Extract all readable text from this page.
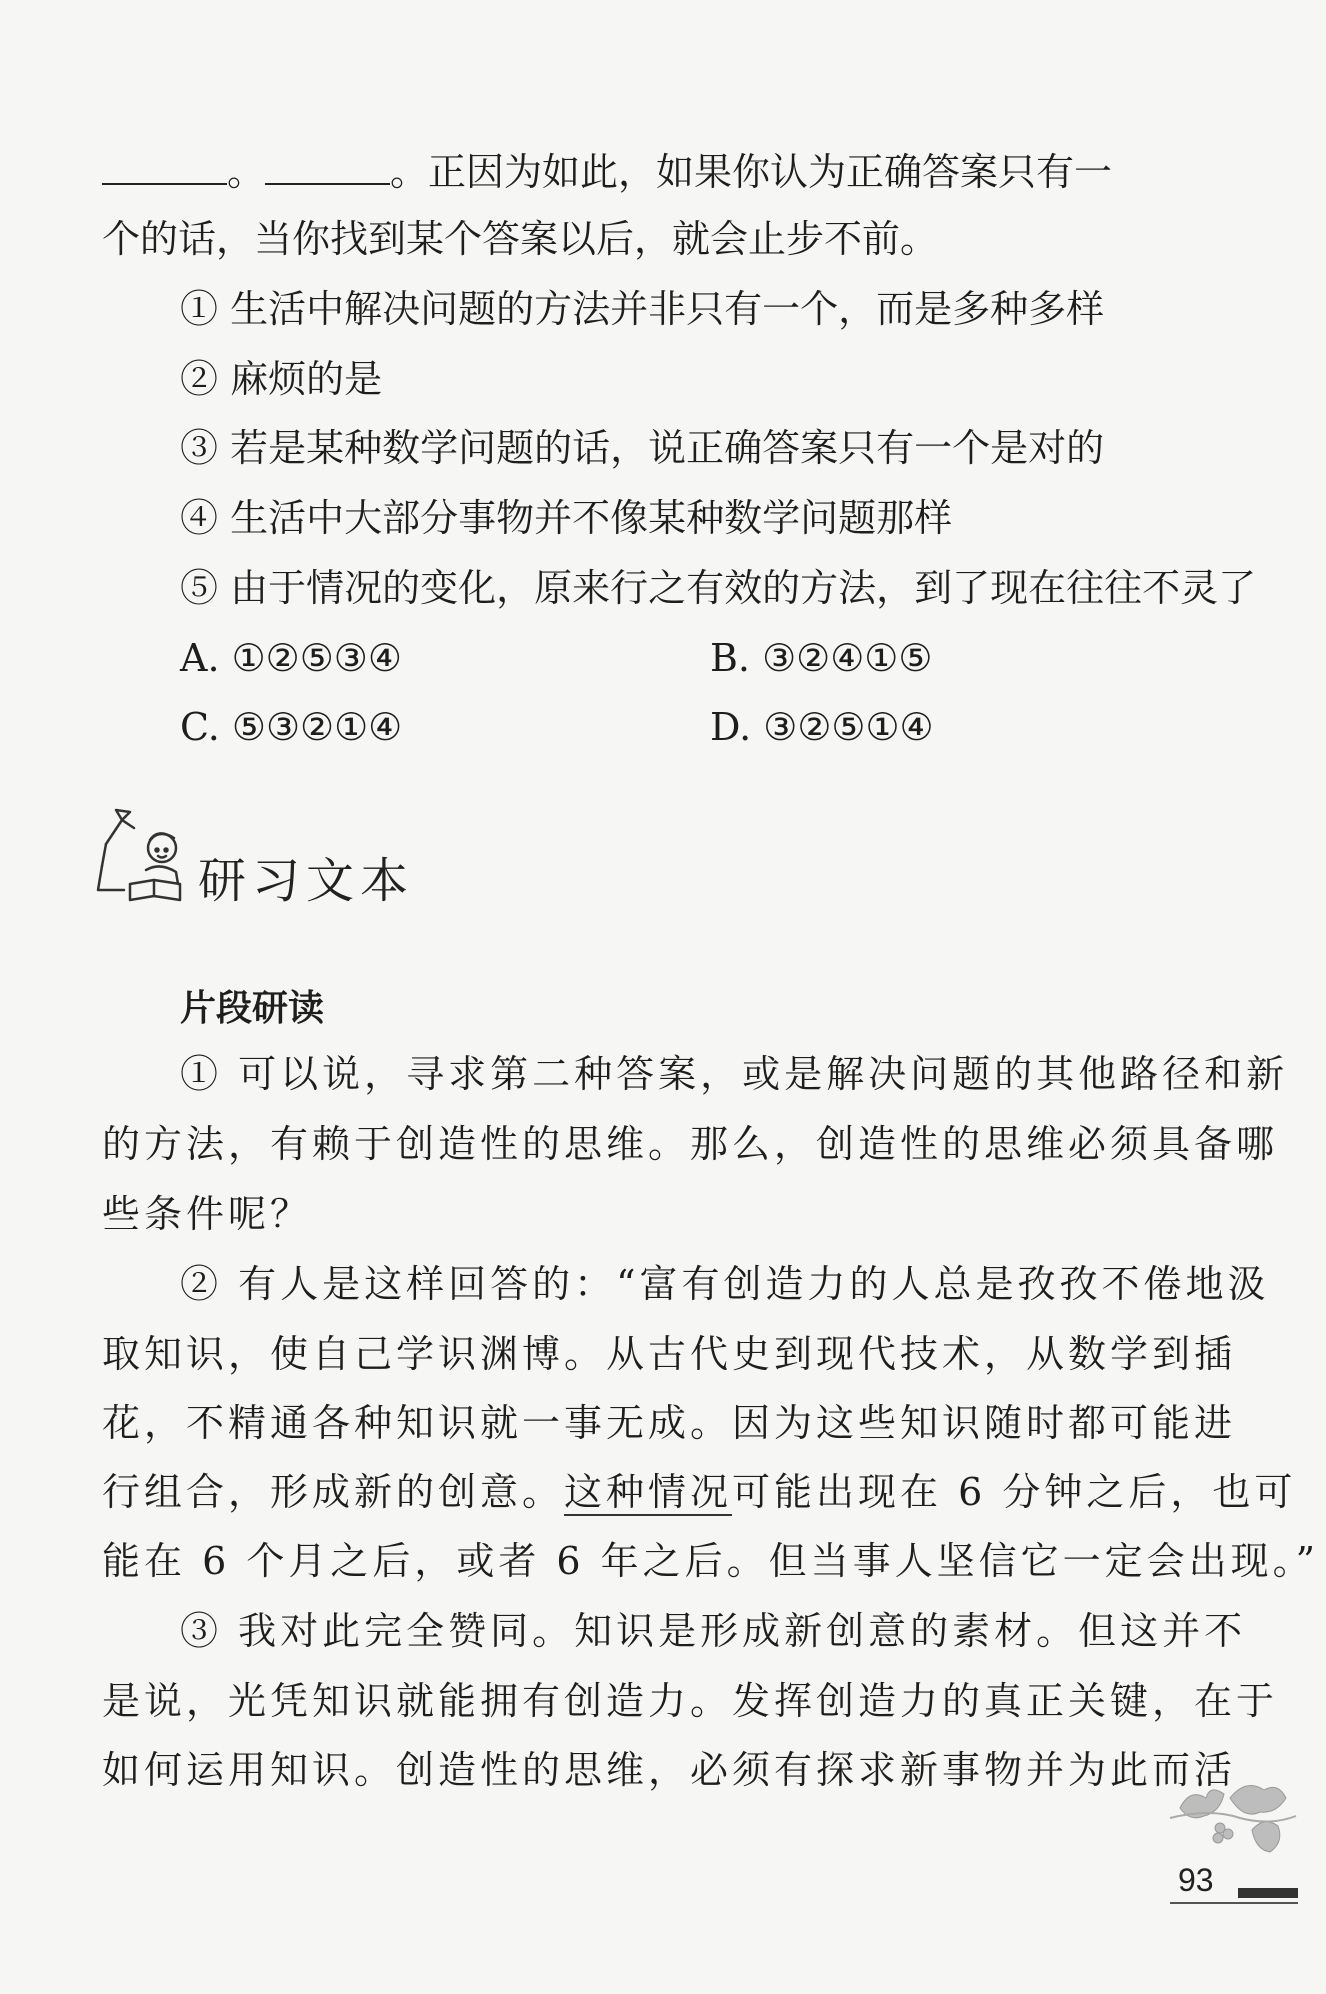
。	。正因为如此，如果你认为正确答案只有一
个的话，当你找到某个答案以后，就会止步不前。
① 生活中解决问题的方法并非只有一个，而是多种多样
② 麻烦的是
③ 若是某种数学问题的话，说正确答案只有一个是对的
④ 生活中大部分事物并不像某种数学问题那样
⑤ 由于情况的变化，原来行之有效的方法，到了现在往往不灵了
A. ①②⑤③④	B. ③②④①⑤
C. ⑤③②①④	D. ③②⑤①④
研习文本
片段研读
① 可以说，寻求第二种答案，或是解决问题的其他路径和新
的方法，有赖于创造性的思维。那么，创造性的思维必须具备哪
些条件呢？
② 有人是这样回答的：“富有创造力的人总是孜孜不倦地汲
取知识，使自己学识渊博。从古代史到现代技术，从数学到插
花，不精通各种知识就一事无成。因为这些知识随时都可能进
行组合，形成新的创意。这种情况可能出现在 6 分钟之后，也可
能在 6 个月之后，或者 6 年之后。但当事人坚信它一定会出现。”
③ 我对此完全赞同。知识是形成新创意的素材。但这并不
是说，光凭知识就能拥有创造力。发挥创造力的真正关键，在于
如何运用知识。创造性的思维，必须有探求新事物并为此而活
93
